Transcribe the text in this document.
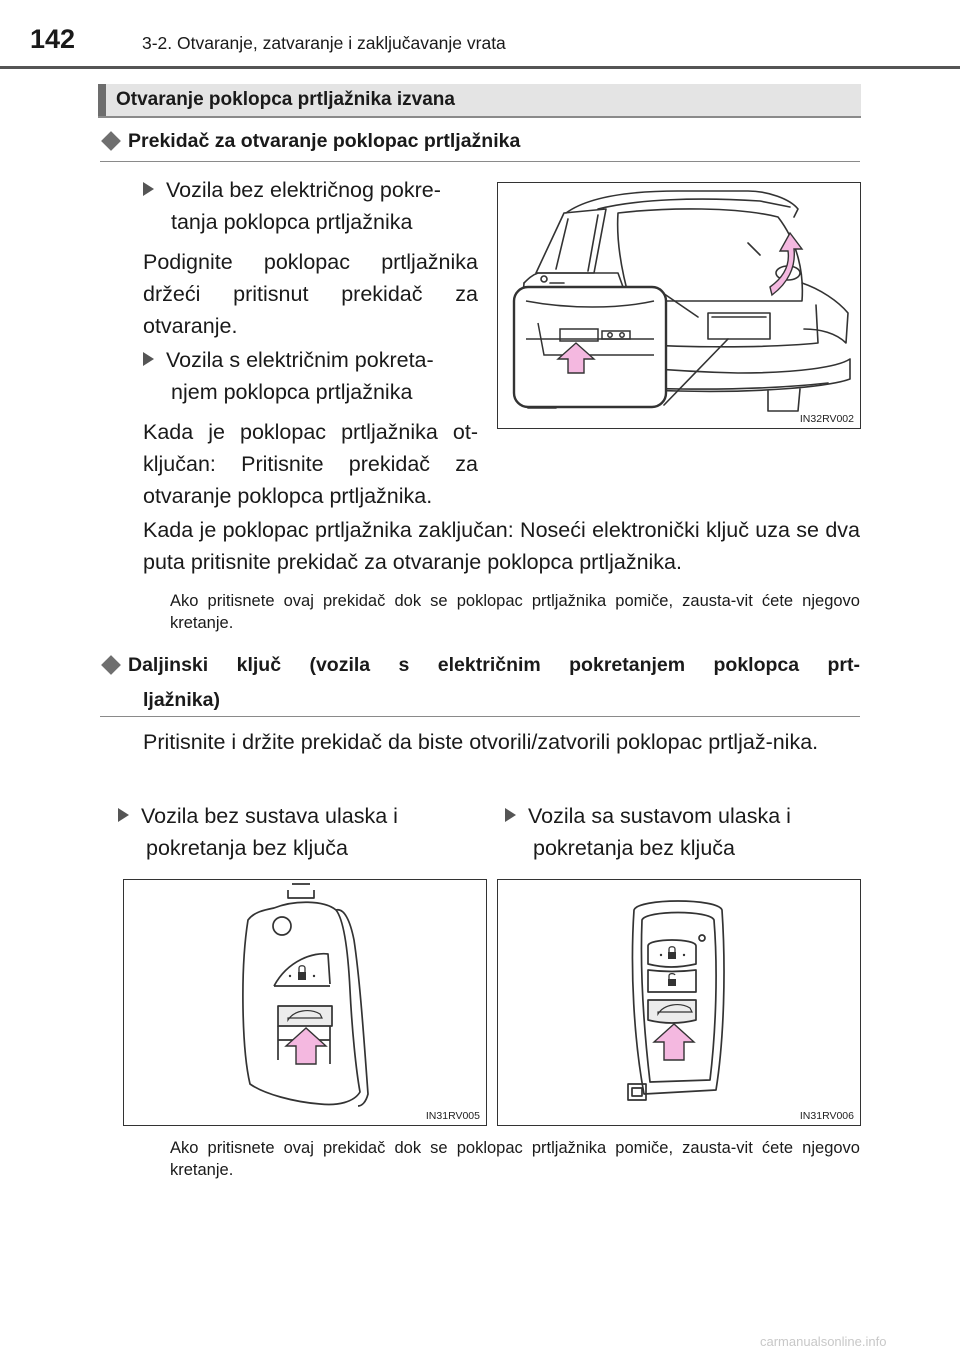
142	3-2. Otvaranje, zatvaranje i zaključavanje vrata
Otvaranje poklopca prtljažnika izvana
Prekidač za otvaranje poklopac prtljažnika
Vozila bez električnog pokre-
tanja poklopca prtljažnika
Podignite poklopac prtljažnika držeći pritisnut prekidač za otvaranje.
Vozila s električnim pokreta-
njem poklopca prtljažnika
Kada je poklopac prtljažnika ot-ključan: Pritisnite prekidač za otvaranje poklopca prtljažnika.
IN32RV002
Kada je poklopac prtljažnika zaključan: Noseći elektronički ključ uza se dva puta pritisnite prekidač za otvaranje poklopca prtljažnika.
Ako pritisnete ovaj prekidač dok se poklopac prtljažnika pomiče, zausta-vit ćete njegovo kretanje.
Daljinski ključ (vozila s električnim pokretanjem poklopca prt-
ljažnika)
Pritisnite i držite prekidač da biste otvorili/zatvorili poklopac prtljaž-nika.
Vozila bez sustava ulaska i
pokretanja bez ključa
Vozila sa sustavom ulaska i
pokretanja bez ključa
IN31RV005	IN31RV006
Ako pritisnete ovaj prekidač dok se poklopac prtljažnika pomiče, zausta-vit ćete njegovo kretanje.
carmanualsonline.info
